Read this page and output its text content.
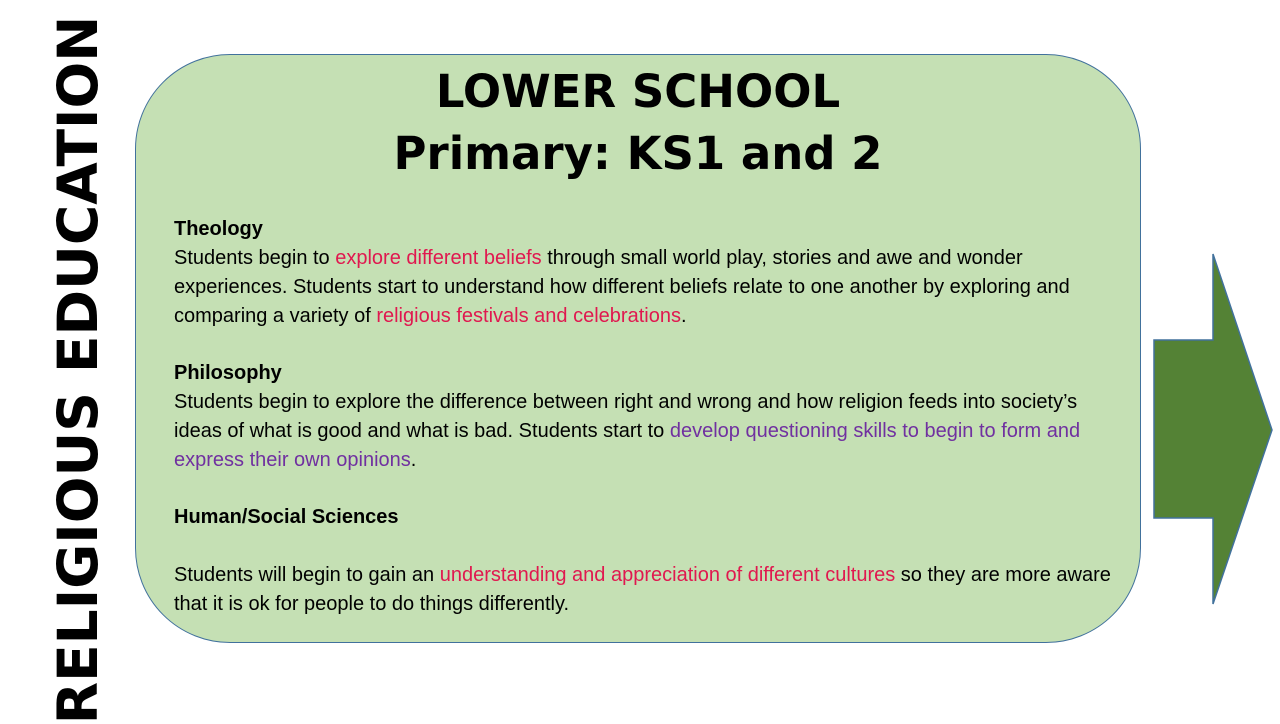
RELIGIOUS EDUCATION	LOWER SCHOOL
Primary: KS1 and 2
Theology
Students begin to explore different beliefs through small world play, stories and awe and wonder experiences. Students start to understand how different beliefs relate to one another by exploring and comparing a variety of religious festivals and celebrations.
Philosophy
Students begin to explore the difference between right and wrong and how religion feeds into society’s ideas of what is good and what is bad. Students start to develop questioning skills to begin to form and express their own opinions.
Human/Social Sciences
Students will begin to gain an understanding and appreciation of different cultures so they are more aware that it is ok for people to do things differently.
